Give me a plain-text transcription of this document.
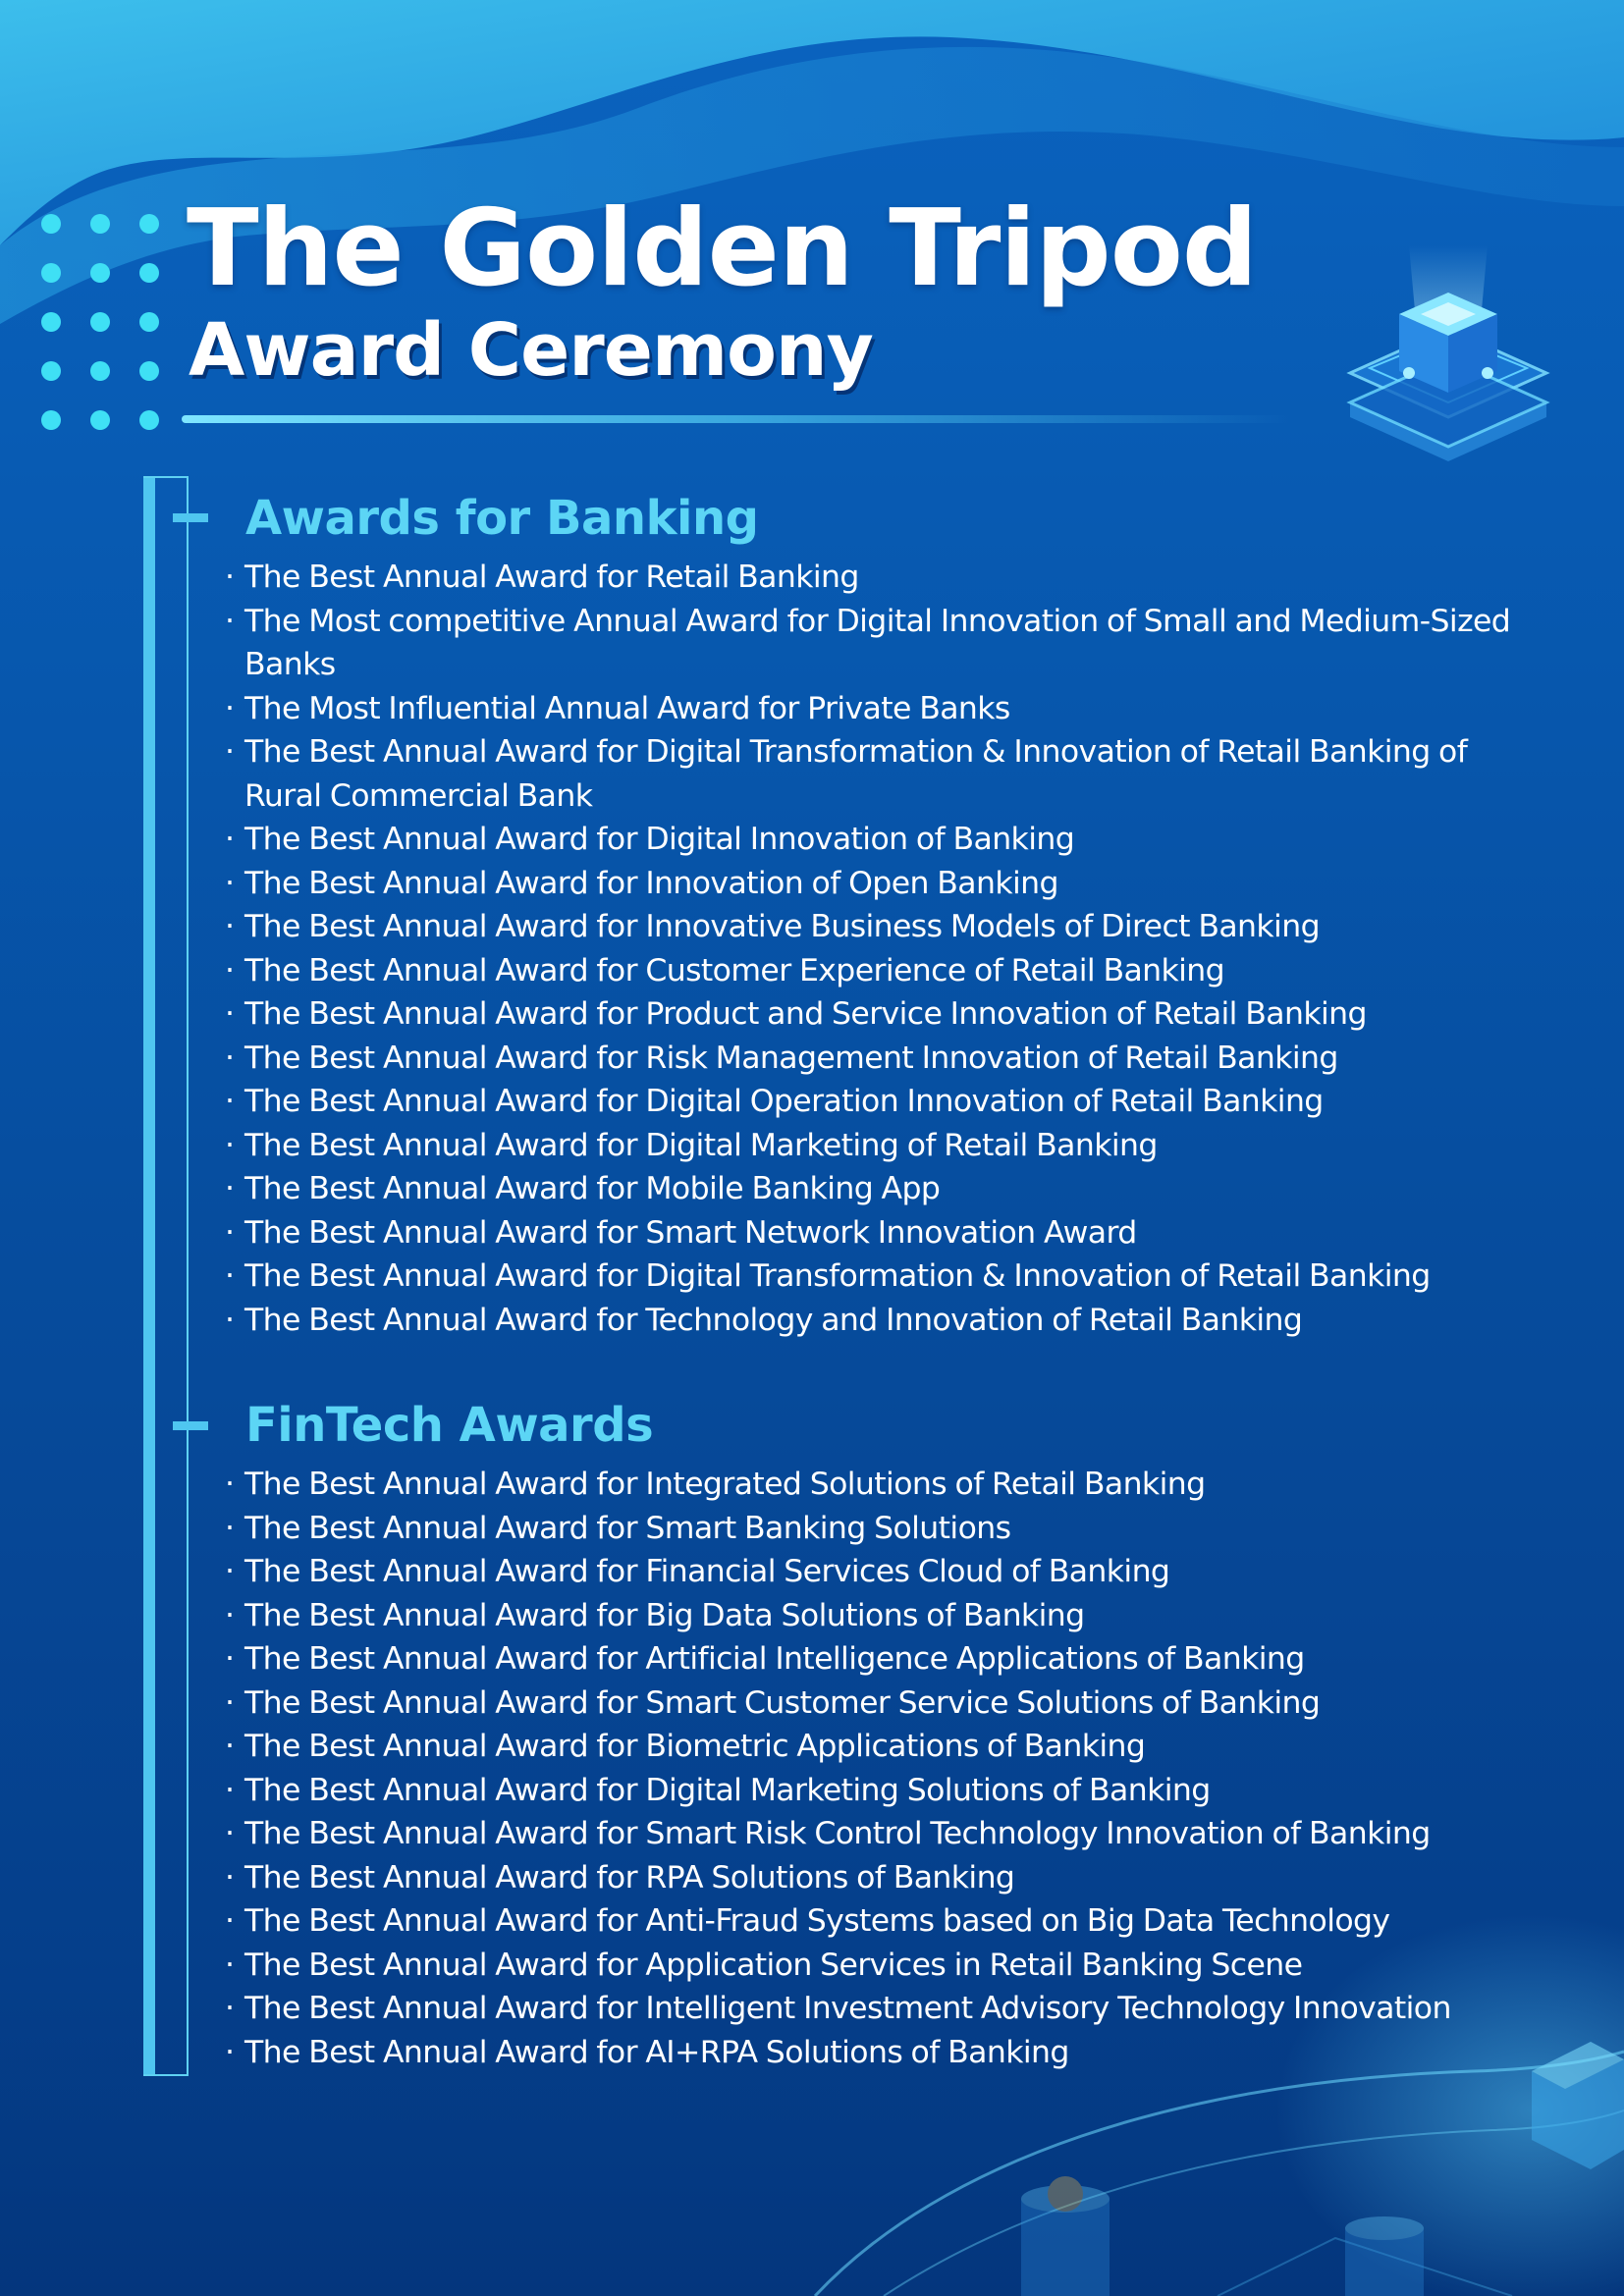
The Golden Tripod
Award Ceremony
Awards for Banking
· The Best Annual Award for Retail Banking
· The Most competitive Annual Award for Digital Innovation of Small and Medium-Sized Banks
· The Most Influential Annual Award for Private Banks
· The Best Annual Award for Digital Transformation & Innovation of Retail Banking of Rural Commercial Bank
· The Best Annual Award for Digital Innovation of Banking
· The Best Annual Award for Innovation of Open Banking
· The Best Annual Award for Innovative Business Models of Direct Banking
· The Best Annual Award for Customer Experience of Retail Banking
· The Best Annual Award for Product and Service Innovation of Retail Banking
· The Best Annual Award for Risk Management Innovation of Retail Banking
· The Best Annual Award for Digital Operation Innovation of Retail Banking
· The Best Annual Award for Digital Marketing of Retail Banking
· The Best Annual Award for Mobile Banking App
· The Best Annual Award for Smart Network Innovation Award
· The Best Annual Award for Digital Transformation & Innovation of Retail Banking
· The Best Annual Award for Technology and Innovation of Retail Banking
FinTech Awards
· The Best Annual Award for Integrated Solutions of Retail Banking
· The Best Annual Award for Smart Banking Solutions
· The Best Annual Award for Financial Services Cloud of Banking
· The Best Annual Award for Big Data Solutions of Banking
· The Best Annual Award for Artificial Intelligence Applications of Banking
· The Best Annual Award for Smart Customer Service Solutions of Banking
· The Best Annual Award for Biometric Applications of Banking
· The Best Annual Award for Digital Marketing Solutions of Banking
· The Best Annual Award for Smart Risk Control Technology Innovation of Banking
· The Best Annual Award for RPA Solutions of Banking
· The Best Annual Award for Anti-Fraud Systems based on Big Data Technology
· The Best Annual Award for Application Services in Retail Banking Scene
· The Best Annual Award for Intelligent Investment Advisory Technology Innovation
· The Best Annual Award for AI+RPA Solutions of Banking
